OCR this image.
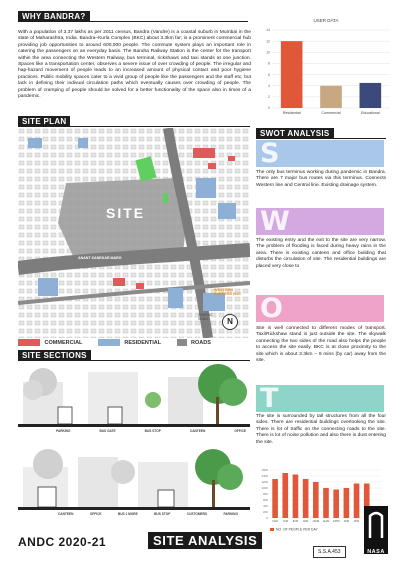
WHY BANDRA?
With a population of 3.37 lakhs as per 2011 census, Bandra (Vandre) is a coastal suburb in Mumbai in the state of Maharashtra, India. Bandra–Kurla Complex (BKC) about 3.3km far; is a prominent commercial hub providing job opportunities to around 600,000 people. The commute system plays an important role in catering the passengers on an everyday basis. The Bandra Railway Station is the center for the transport within the area connecting the Western Railway, bus terminal, rickshaws and taxi stands at one junction. Spaces like a transportation center, observes a severe issue of over crowding of people. The irregular and hap-hazard movement of people leads to an increased amount of physical contact and poor hygiene practices. Public mobility spaces cater to a vivid group of people like the passengers and the staff etc; but lack in defining their indivual circulation paths which eventually causes over crowding of people. The problem of cramping of people should be solved for a better functionality of the space also in times of a pandemic.
USER DATA
0
2
4
6
8
10
12
14
Residential	Commercial	Educational
SITE PLAN
SITE
ANANT KANEKAR MARG
WESTERN EXPRESS WAY
GRAPHIC SCALE	N
COMMERCIAL	RESIDENTIAL	ROADS
SITE SECTIONS
PARKING	BUS GATE	BUS STOP	CANTEEN	OFFICE
CANTEEN	OFFICE	BUS 1 MORE	BUS STOP	CUSTOMERS	PARKING
SWOT ANALYSIS
S
The only bus terminus working during pandemic in Bandra. There are 7 major bus routes via this terminus. Connects Western line and Central line. Existing drainage system.
W
The existing entry and the exit to the site are very narrow. The problem of flooding is faced during heavy rains in the area. There is existing canteen and office building that disturbs the circulation of site. The residential buildings are placed very close to
O
Site is well connected to different modes of transport. Taxi\Rickshaw stand is just outside the site. The skywalk connecting the two sides of the road also helps the people to access the site easily. BKC is at close proximity to the site which is about 3.3km – 9 mins (by car) away from the site.
T
The site is surrounded by tall structures from all the four sides. There are residential buildings overlooking the site. There is lot of traffic on the connecting roads to the site. There is lot of noise pollution and also there is dust entering the site.
0
200
400
600
800
1000
1200
1400
1600
6AM 7AM 8AM 9AM 10AM 11AM 12PM 1PM 2PM
NO. OF PEOPLE PER DAY
ANDC 2020-21	SITE ANALYSIS
S.S.A.453	NASA
